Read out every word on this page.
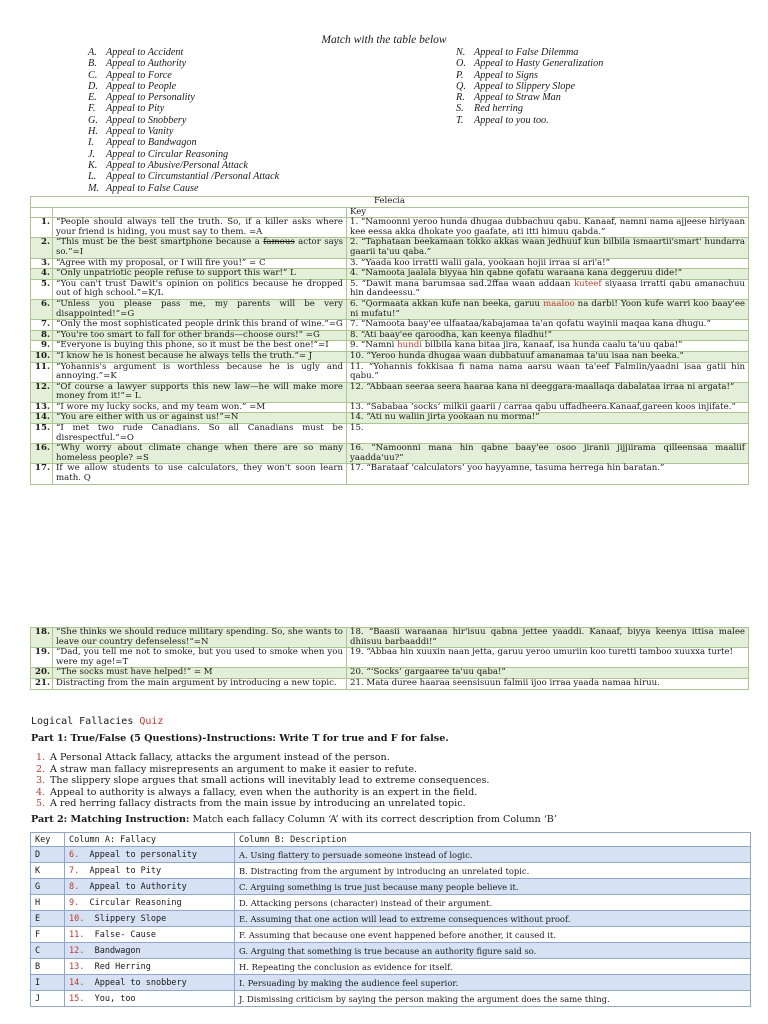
Match with the table below
A. Appeal to Accident
B. Appeal to Authority
C. Appeal to Force
D. Appeal to People
E. Appeal to Personality
F. Appeal to Pity
G. Appeal to Snobbery
H. Appeal to Vanity
I. Appeal to Bandwagon
J. Appeal to Circular Reasoning
K. Appeal to Abusive/Personal Attack
L. Appeal to Circumstantial /Personal Attack
M. Appeal to False Cause
N. Appeal to False Dilemma
O. Appeal to Hasty Generalization
P. Appeal to Signs
Q. Appeal to Slippery Slope
R. Appeal to Straw Man
S. Red herring
T. Appeal to you too.
Felecia		
		Key
1.	“People should always tell the truth. So, if a killer asks where your friend is hiding, you must say to them. =A	1. “Namoonni yeroo hunda dhugaa dubbachuu qabu. Kanaaf, namni nama ajjeese hiriyaan kee eessa akka dhokate yoo gaafate, ati itti himuu qabda.”
2.	“This must be the best smartphone because a famous actor says so.”=I	2. “Taphataan beekamaan tokko akkas waan jedhuuf kun bilbila ismaartii'smart' hundarra gaarii ta'uu qaba.”
3.	“Agree with my proposal, or I will fire you!” = C	3. “Yaada koo irratti walii gala, yookaan hojii irraa si ari'a!”
4.	“Only unpatriotic people refuse to support this war!” L	4. “Namoota jaalala biyyaa hin qabne qofatu waraana kana deggeruu dide!”
5.	“You can't trust Dawit's opinion on politics because he dropped out of high school.”=K/L	5. “Dawit mana barumsaa sad.2ffaa waan addaan kuteef siyaasa irratti qabu amanachuu hin dandeessu.”
6.	“Unless you please pass me, my parents will be very disappointed!”=G	6. “Qormaata akkan kufe nan beeka, garuu maaloo na darbi! Yoon kufe warri koo baay'ee ni mufatu!”
7.	“Only the most sophisticated people drink this brand of wine.”=G	7. “Namoota baay'ee ulfaataa/kabajamaa ta'an qofatu wayinii maqaa kana dhugu.”
8.	“You're too smart to fall for other brands—choose ours!” =G	8. “Ati baay'ee qaroodha, kan keenya filadhu!”
9.	“Everyone is buying this phone, so it must be the best one!”=I	9. “Namni hundi bilbila kana bitaa jira, kanaaf, isa hunda caalu ta'uu qaba!”
10.	“I know he is honest because he always tells the truth.”= J	10. “Yeroo hunda dhugaa waan dubbatuuf amanamaa ta'uu isaa nan beeka.”
11.	“Yohannis's argument is worthless because he is ugly and annoying.”=K	11. “Yohannis fokkisaa fi nama nama aarsu waan ta'eef Falmiin/yaadni isaa gatii hin qabu.”
12.	“Of course a lawyer supports this new law—he will make more money from it!”= L	12. “Abbaan seeraa seera haaraa kana ni deeggara-maallaqa dabalataa irraa ni argata!”
13.	“I wore my lucky socks, and my team won.” =M	13. “Sababaa ‘socks’ milkii gaarii / carraa qabu uffadheera.Kanaaf,gareen koos injifate.”
14.	“You are either with us or against us!”=N	14. “Ati nu waliin jirta yookaan nu morma!”
15.	“I met two rude Canadians. So all Canadians must be disrespectful.”=O	15.
16.	“Why worry about climate change when there are so many homeless people? =S	16. “Namoonni mana hin qabne baay'ee osoo jiranii jijjiirama qilleensaa maaliif yaadda'uu?”
17.	If we allow students to use calculators, they won't soon learn math. Q	17. “Barataaf ‘calculators’ yoo hayyamne, tasuma herrega hin baratan.”
18.	“She thinks we should reduce military spending. So, she wants to leave our country defenseless!”=N	18. “Baasii waraanaa hir'isuu qabna jettee yaaddi. Kanaaf, biyya keenya ittisa malee dhiisuu barbaaddi!”
19.	“Dad, you tell me not to smoke, but you used to smoke when you were my age!=T	19. “Abbaa hin xuuxin naan jetta, garuu yeroo umuriin koo turetti tamboo xuuxxa turte!
20.	“The socks must have helped!” = M	20. “‘Socks’ gargaaree ta'uu qaba!”
21.	Distracting from the main argument by introducing a new topic.	21. Mata duree haaraa seensisuun falmii ijoo irraa yaada namaa hiruu.
Logical Fallacies Quiz
Part 1: True/False (5 Questions)-Instructions: Write T for true and F for false.
1. A Personal Attack fallacy, attacks the argument instead of the person.
2. A straw man fallacy misrepresents an argument to make it easier to refute.
3. The slippery slope argues that small actions will inevitably lead to extreme consequences.
4. Appeal to authority is always a fallacy, even when the authority is an expert in the field.
5. A red herring fallacy distracts from the main issue by introducing an unrelated topic.
Part 2: Matching Instruction: Match each fallacy Column ‘A’ with its correct description from Column ‘B’
Key	Column A: Fallacy	Column B: Description
D	6. Appeal to personality	A. Using flattery to persuade someone instead of logic.
K	7. Appeal to Pity	B. Distracting from the argument by introducing an unrelated topic.
G	8. Appeal to Authority	C. Arguing something is true just because many people believe it.
H	9. Circular Reasoning	D. Attacking persons (character) instead of their argument.
E	10. Slippery Slope	E. Assuming that one action will lead to extreme consequences without proof.
F	11. False- Cause	F. Assuming that because one event happened before another, it caused it.
C	12. Bandwagon	G. Arguing that something is true because an authority figure said so.
B	13. Red Herring	H. Repeating the conclusion as evidence for itself.
I	14. Appeal to snobbery	I. Persuading by making the audience feel superior.
J	15. You, too	J. Dismissing criticism by saying the person making the argument does the same thing.
